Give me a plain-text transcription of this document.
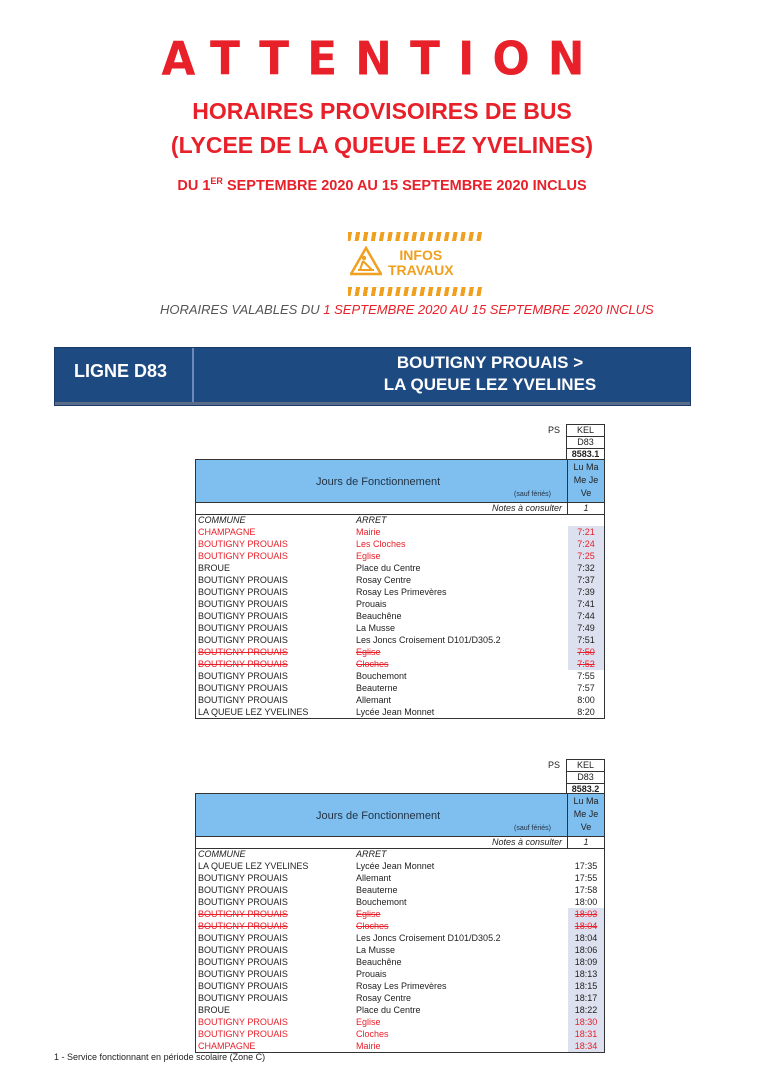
ATTENTION
HORAIRES PROVISOIRES DE BUS
(LYCEE DE LA QUEUE LEZ YVELINES)
DU 1ER SEPTEMBRE 2020 AU 15 SEPTEMBRE 2020 INCLUS
INFOS
TRAVAUX
HORAIRES VALABLES DU 1 SEPTEMBRE 2020 AU 15 SEPTEMBRE 2020 INCLUS
LIGNE D83	BOUTIGNY PROUAIS >
LA QUEUE LEZ YVELINES
PS	KEL
D83
8583.1
Jours de Fonctionnement
(sauf fériés)
Lu Ma
Me Je
Ve
Notes à consulter	1
COMMUNE	ARRET
CHAMPAGNE	Mairie	7:21
BOUTIGNY PROUAIS	Les Cloches	7:24
BOUTIGNY PROUAIS	Eglise	7:25
BROUE	Place du Centre	7:32
BOUTIGNY PROUAIS	Rosay Centre	7:37
BOUTIGNY PROUAIS	Rosay Les Primevères	7:39
BOUTIGNY PROUAIS	Prouais	7:41
BOUTIGNY PROUAIS	Beauchêne	7:44
BOUTIGNY PROUAIS	La Musse	7:49
BOUTIGNY PROUAIS	Les Joncs Croisement D101/D305.2	7:51
BOUTIGNY PROUAIS	Eglise	7:50
BOUTIGNY PROUAIS	Cloches	7:52
BOUTIGNY PROUAIS	Bouchemont	7:55
BOUTIGNY PROUAIS	Beauterne	7:57
BOUTIGNY PROUAIS	Allemant	8:00
LA QUEUE LEZ YVELINES	Lycée Jean Monnet	8:20
PS	KEL
D83
8583.2
Jours de Fonctionnement
(sauf fériés)
Lu Ma
Me Je
Ve
Notes à consulter	1
COMMUNE	ARRET
LA QUEUE LEZ YVELINES	Lycée Jean Monnet	17:35
BOUTIGNY PROUAIS	Allemant	17:55
BOUTIGNY PROUAIS	Beauterne	17:58
BOUTIGNY PROUAIS	Bouchemont	18:00
BOUTIGNY PROUAIS	Eglise	18:03
BOUTIGNY PROUAIS	Cloches	18:04
BOUTIGNY PROUAIS	Les Joncs Croisement D101/D305.2	18:04
BOUTIGNY PROUAIS	La Musse	18:06
BOUTIGNY PROUAIS	Beauchêne	18:09
BOUTIGNY PROUAIS	Prouais	18:13
BOUTIGNY PROUAIS	Rosay Les Primevères	18:15
BOUTIGNY PROUAIS	Rosay Centre	18:17
BROUE	Place du Centre	18:22
BOUTIGNY PROUAIS	Eglise	18:30
BOUTIGNY PROUAIS	Cloches	18:31
CHAMPAGNE	Mairie	18:34
1 - Service fonctionnant en période scolaire (Zone C)
